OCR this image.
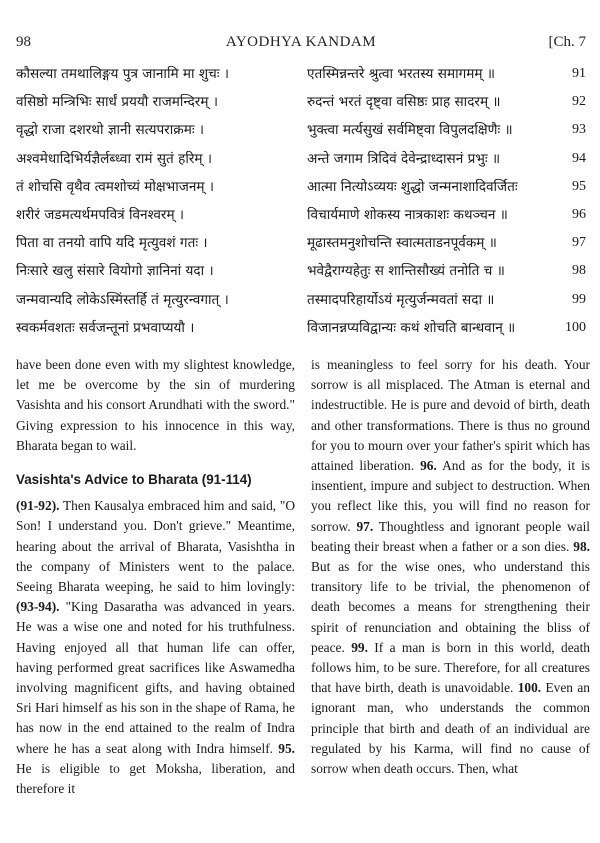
98	AYODHYA KANDAM	[Ch. 7
कौसल्या तमथालिङ्गय पुत्र जानामि मा शुचः ।	एतस्मिन्नन्तरे श्रुत्वा भरतस्य समागमम् ॥	91
वसिष्ठो मन्त्रिभिः सार्धं प्रययौ राजमन्दिरम् ।	रुदन्तं भरतं दृष्ट्वा वसिष्ठः प्राह सादरम् ॥	92
वृद्धो राजा दशरथो ज्ञानी सत्यपराक्रमः ।	भुक्त्वा मर्त्यसुखं सर्वमिष्ट्वा विपुलदक्षिणैः ॥	93
अश्वमेधादिभिर्यज्ञैर्लब्ध्वा रामं सुतं हरिम् ।	अन्ते जगाम त्रिदिवं देवेन्द्राध्दासनं प्रभुः ॥	94
तं शोचसि वृथैव त्वमशोच्यं मोक्षभाजनम् ।	आत्मा नित्योऽव्ययः शुद्धो जन्मनाशादिवर्जितः	95
शरीरं जडमत्यर्थमपवित्रं विनश्वरम् ।	विचार्यमाणे शोकस्य नात्रकाशः कथञ्चन ॥	96
पिता वा तनयो वापि यदि मृत्युवशं गतः ।	मूढास्तमनुशोचन्ति स्वात्मताडनपूर्वकम् ॥	97
निःसारे खलु संसारे वियोगो ज्ञानिनां यदा ।	भवेद्वैराग्यहेतुः स शान्तिसौख्यं तनोति च ॥	98
जन्मवान्यदि लोकेऽस्मिंस्तर्हि तं मृत्युरन्वगात् ।	तस्मादपरिहार्योऽयं मृत्युर्जन्मवतां सदा ॥	99
स्वकर्मवशतः सर्वजन्तूनां प्रभवाप्ययौ ।	विजानन्नप्यविद्वान्यः कथं शोचति बान्धवान् ॥	100

have been done even with my slightest knowledge, let me be overcome by the sin of murdering Vasishta and his consort Arundhati with the sword." Giving expression to his innocence in this way, Bharata began to wail.

Vasishta's Advice to Bharata (91-114)

(91-92). Then Kausalya embraced him and said, "O Son! I understand you. Don't grieve." Meantime, hearing about the arrival of Bharata, Vasishtha in the company of Ministers went to the palace. Seeing Bharata weeping, he said to him lovingly: (93-94). "King Dasaratha was advanced in years. He was a wise one and noted for his truthfulness. Having enjoyed all that human life can offer, having performed great sacrifices like Aswamedha involving magnificent gifts, and having obtained Sri Hari himself as his son in the shape of Rama, he has now in the end attained to the realm of Indra where he has a seat along with Indra himself. 95. He is eligible to get Moksha, liberation, and therefore it

is meaningless to feel sorry for his death. Your sorrow is all misplaced. The Atman is eternal and indestructible. He is pure and devoid of birth, death and other transformations. There is thus no ground for you to mourn over your father's spirit which has attained liberation. 96. And as for the body, it is insentient, impure and subject to destruction. When you reflect like this, you will find no reason for sorrow. 97. Thoughtless and ignorant people wail beating their breast when a father or a son dies. 98. But as for the wise ones, who understand this transitory life to be trivial, the phenomenon of death becomes a means for strengthening their spirit of renunciation and obtaining the bliss of peace. 99. If a man is born in this world, death follows him, to be sure. Therefore, for all creatures that have birth, death is unavoidable. 100. Even an ignorant man, who understands the common principle that birth and death of an individual are regulated by his Karma, will find no cause of sorrow when death occurs. Then, what
